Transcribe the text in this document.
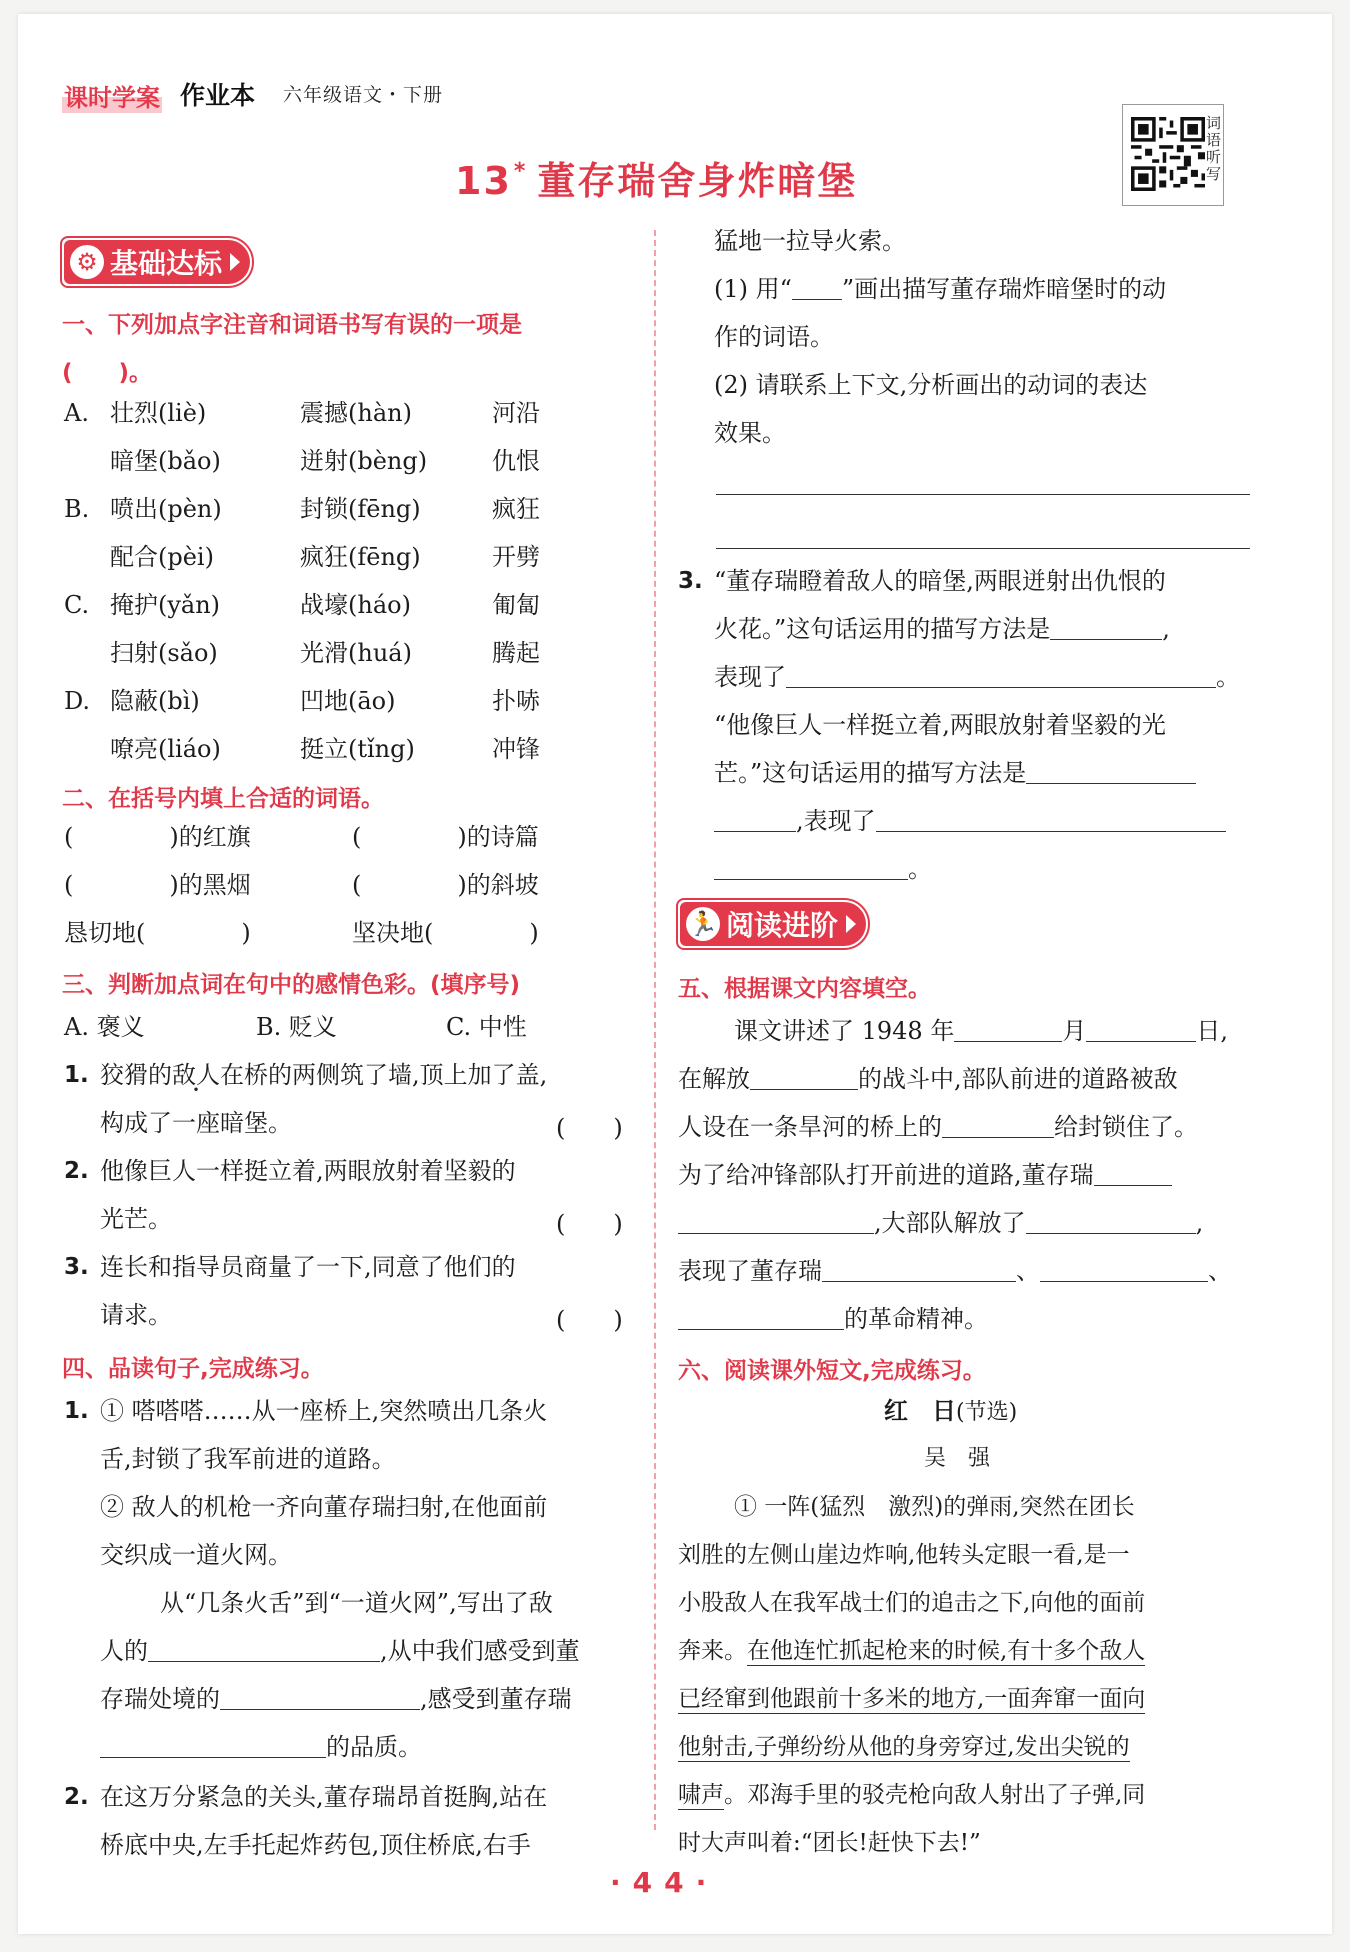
课时学案 作业本 六年级语文・下册
13* 董存瑞舍身炸暗堡	词语听写
⚙ 基础达标
一、下列加点字注音和词语书写有误的一项是
(　　)。
A. 壮烈(liè)	震撼(hàn)	河沿
暗堡(bǎo)	迸射(bèng)	仇恨
B. 喷出(pèn)	封锁(fēng)	疯狂
配合(pèi)	疯狂(fēng)	开劈
C. 掩护(yǎn)	战壕(háo)	匍匐
扫射(sǎo)	光滑(huá)	腾起
D. 隐蔽(bì)	凹地(āo)	扑哧
嘹亮(liáo)	挺立(tǐng)	冲锋
二、在括号内填上合适的词语。
(　　　　)的红旗	(　　　　)的诗篇
(　　　　)的黑烟	(　　　　)的斜坡
恳切地(　　　　)	坚决地(　　　　)
三、判断加点词在句中的感情色彩。(填序号)
A. 褒义	B. 贬义	C. 中性
1. 狡猾的敌人在桥的两侧筑了墙,顶上加了盖,
构成了一座暗堡。	(　　)
•
2. 他像巨人一样挺立着,两眼放射着坚毅的
光芒。	(　　)
3. 连长和指导员商量了一下,同意了他们的
请求。	(　　)
四、品读句子,完成练习。
1. ① 嗒嗒嗒……从一座桥上,突然喷出几条火
舌,封锁了我军前进的道路。
② 敌人的机枪一齐向董存瑞扫射,在他面前
交织成一道火网。
从“几条火舌”到“一道火网”,写出了敌
人的	,从中我们感受到董
存瑞处境的	,感受到董存瑞
的品质。
2. 在这万分紧急的关头,董存瑞昂首挺胸,站在
桥底中央,左手托起炸药包,顶住桥底,右手
猛地一拉导火索。
(1) 用“ ”画出描写董存瑞炸暗堡时的动
作的词语。
(2) 请联系上下文,分析画出的动词的表达
效果。
3. “董存瑞瞪着敌人的暗堡,两眼迸射出仇恨的
火花。”这句话运用的描写方法是	,
表现了	。
“他像巨人一样挺立着,两眼放射着坚毅的光
芒。”这句话运用的描写方法是
,表现了
。
🏃 阅读进阶
五、根据课文内容填空。
课文讲述了 1948 年	月	日,
在解放	的战斗中,部队前进的道路被敌
人设在一条旱河的桥上的	给封锁住了。
为了给冲锋部队打开前进的道路,董存瑞
,大部队解放了	,
表现了董存瑞	、	、
的革命精神。
六、阅读课外短文,完成练习。
红　日(节选)
吴　强
① 一阵(猛烈　激烈)的弹雨,突然在团长
刘胜的左侧山崖边炸响,他转头定眼一看,是一
小股敌人在我军战士们的追击之下,向他的面前
奔来。在他连忙抓起枪来的时候,有十多个敌人
已经窜到他跟前十多米的地方,一面奔窜一面向
他射击,子弹纷纷从他的身旁穿过,发出尖锐的
啸声。邓海手里的驳壳枪向敌人射出了子弹,同
时大声叫着:“团长!赶快下去!”
·44·
